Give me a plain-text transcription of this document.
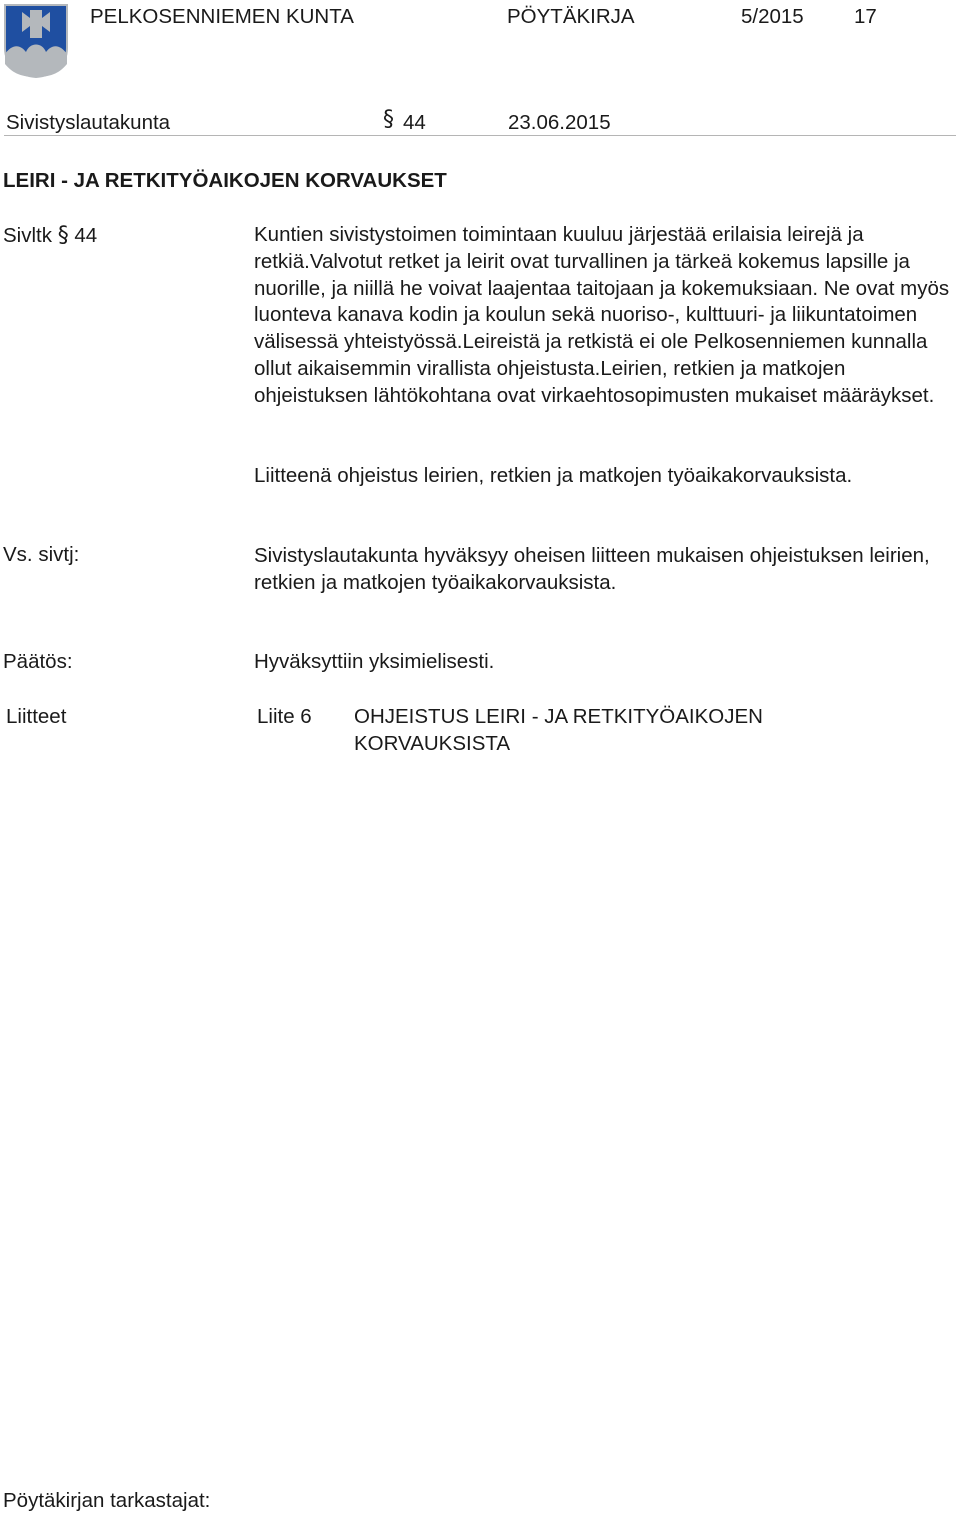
PELKOSENNIEMEN KUNTA	PÖYTÄKIRJA	5/2015 17
Sivistyslautakunta	§ 44	23.06.2015
LEIRI - JA RETKITYÖAIKOJEN KORVAUKSET
Sivltk § 44	Kuntien sivistystoimen toimintaan kuuluu järjestää erilaisia leirejä ja retkiä.Valvotut retket ja leirit ovat turvallinen ja tärkeä kokemus lapsille ja nuorille, ja niillä he voivat laajentaa taitojaan ja kokemuksiaan. Ne ovat myös luonteva kanava kodin ja koulun sekä nuoriso-, kulttuuri- ja liikuntatoimen välisessä yhteistyössä.Leireistä ja retkistä ei ole Pelkosenniemen kunnalla ollut aikaisemmin virallista ohjeistusta.Leirien, retkien ja matkojen ohjeistuksen lähtökohtana ovat virkaehtosopimusten mukaiset määräykset.
Liitteenä ohjeistus leirien, retkien ja matkojen työaikakorvauksista.
Vs. sivtj:	Sivistyslautakunta hyväksyy oheisen liitteen mukaisen ohjeistuksen leirien, retkien ja matkojen työaikakorvauksista.
Päätös:	Hyväksyttiin yksimielisesti.
Liitteet	Liite 6 OHJEISTUS LEIRI - JA RETKITYÖAIKOJEN KORVAUKSISTA
Pöytäkirjan tarkastajat:
